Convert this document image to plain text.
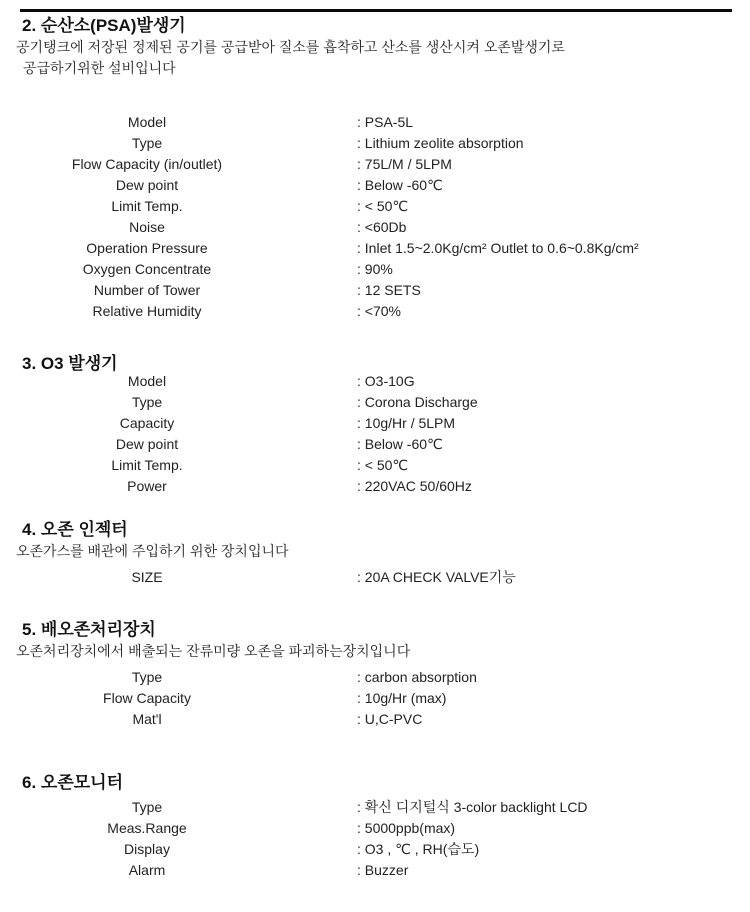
2. 순산소(PSA)발생기
공기탱크에 저장된 정제된 공기를 공급받아 질소를 흡착하고 산소를 생산시켜 오존발생기로
공급하기위한 설비입니다
Model	: PSA-5L
Type	: Lithium zeolite absorption
Flow Capacity (in/outlet)	: 75L/M / 5LPM
Dew point	: Below -60℃
Limit Temp.	: < 50℃
Noise	: <60Db
Operation Pressure	: Inlet 1.5~2.0Kg/cm² Outlet to 0.6~0.8Kg/cm²
Oxygen Concentrate	: 90%
Number of Tower	: 12 SETS
Relative Humidity	: <70%
3. O3 발생기
Model	: O3-10G
Type	: Corona Discharge
Capacity	: 10g/Hr / 5LPM
Dew point	: Below -60℃
Limit Temp.	: < 50℃
Power	: 220VAC 50/60Hz
4. 오존 인젝터
오존가스를 배관에 주입하기 위한 장치입니다
SIZE	: 20A CHECK VALVE기능
5. 배오존처리장치
오존처리장치에서 배출되는 잔류미량 오존을 파괴하는장치입니다
Type	: carbon absorption
Flow Capacity	: 10g/Hr (max)
Mat'l	: U,C-PVC
6. 오존모니터
Type	: 확신 디지털식 3-color backlight LCD
Meas.Range	: 5000ppb(max)
Display	: O3 , ℃ , RH(습도)
Alarm	: Buzzer
